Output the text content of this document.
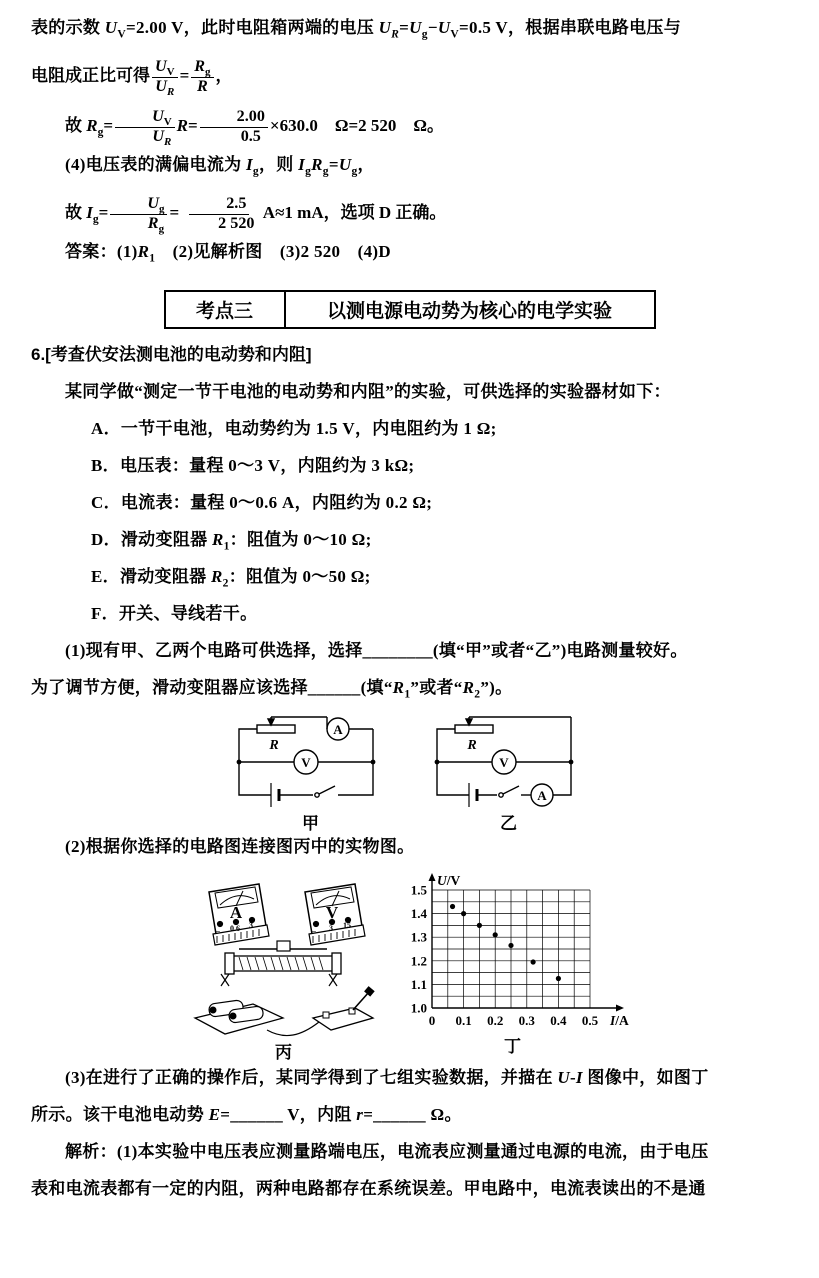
表的示数 $U_V=2.00$ V，此时电阻箱两端的电压 $U_R=U_g-U_V=0.5$ V，根据串联电路电压与

电阻成正比可得 $\frac{U_V}{U_R} = \frac{R_g}{R}$ ，

故 $R_g= \frac{U_V}{U_R} R= \frac{2.00}{0.5} \times 630.0$　Ω=2 520　Ω。

(4)电压表的满偏电流为 $I_g$，则 $I_gR_g=U_g$，

故 $I_g= \frac{U_g}{R_g} = \frac{2.5}{2 520} A\approx 1$ mA，选项 D 正确。

答案：$(1)R_1$　(2)见解析图　(3)2 520　(4)D

考点三	以测电源电动势为核心的电学实验

6.[考查伏安法测电池的电动势和内阻]

某同学做“测定一节干电池的电动势和内阻”的实验，可供选择的实验器材如下：

A．一节干电池，电动势约为 1.5 V，内电阻约为 1 Ω;

B．电压表：量程 0～3 V，内阻约为 3 kΩ;

C．电流表：量程 0～0.6 A，内阻约为 0.2 Ω;

D．滑动变阻器 $R_1$：阻值为 0～10 Ω;

E．滑动变阻器 $R_2$：阻值为 0～50 Ω;

F．开关、导线若干。

(1)现有甲、乙两个电路可供选择，选择________(填“甲”或者“乙”)电路测量较好。

为了调节方便，滑动变阻器应该选择______(填“$R_1$”或者“$R_2$”)。

R
A
V
甲
R
V
A
乙

(2)根据你选择的电路图连接图丙中的实物图。

A
− 0.6 3
V
− 3 15
丙
1.0
1.1
1.2
1.3
1.4
1.5
0 0.1 0.2 0.3 0.4 0.5
U/V
I/A
丁

(3)在进行了正确的操作后，某同学得到了七组实验数据，并描在 U-I 图像中，如图丁

所示。该干电池电动势 E=______ V，内阻 r=______ Ω。

解析：(1)本实验中电压表应测量路端电压，电流表应测量通过电源的电流，由于电压

表和电流表都有一定的内阻，两种电路都存在系统误差。甲电路中，电流表读出的不是通
